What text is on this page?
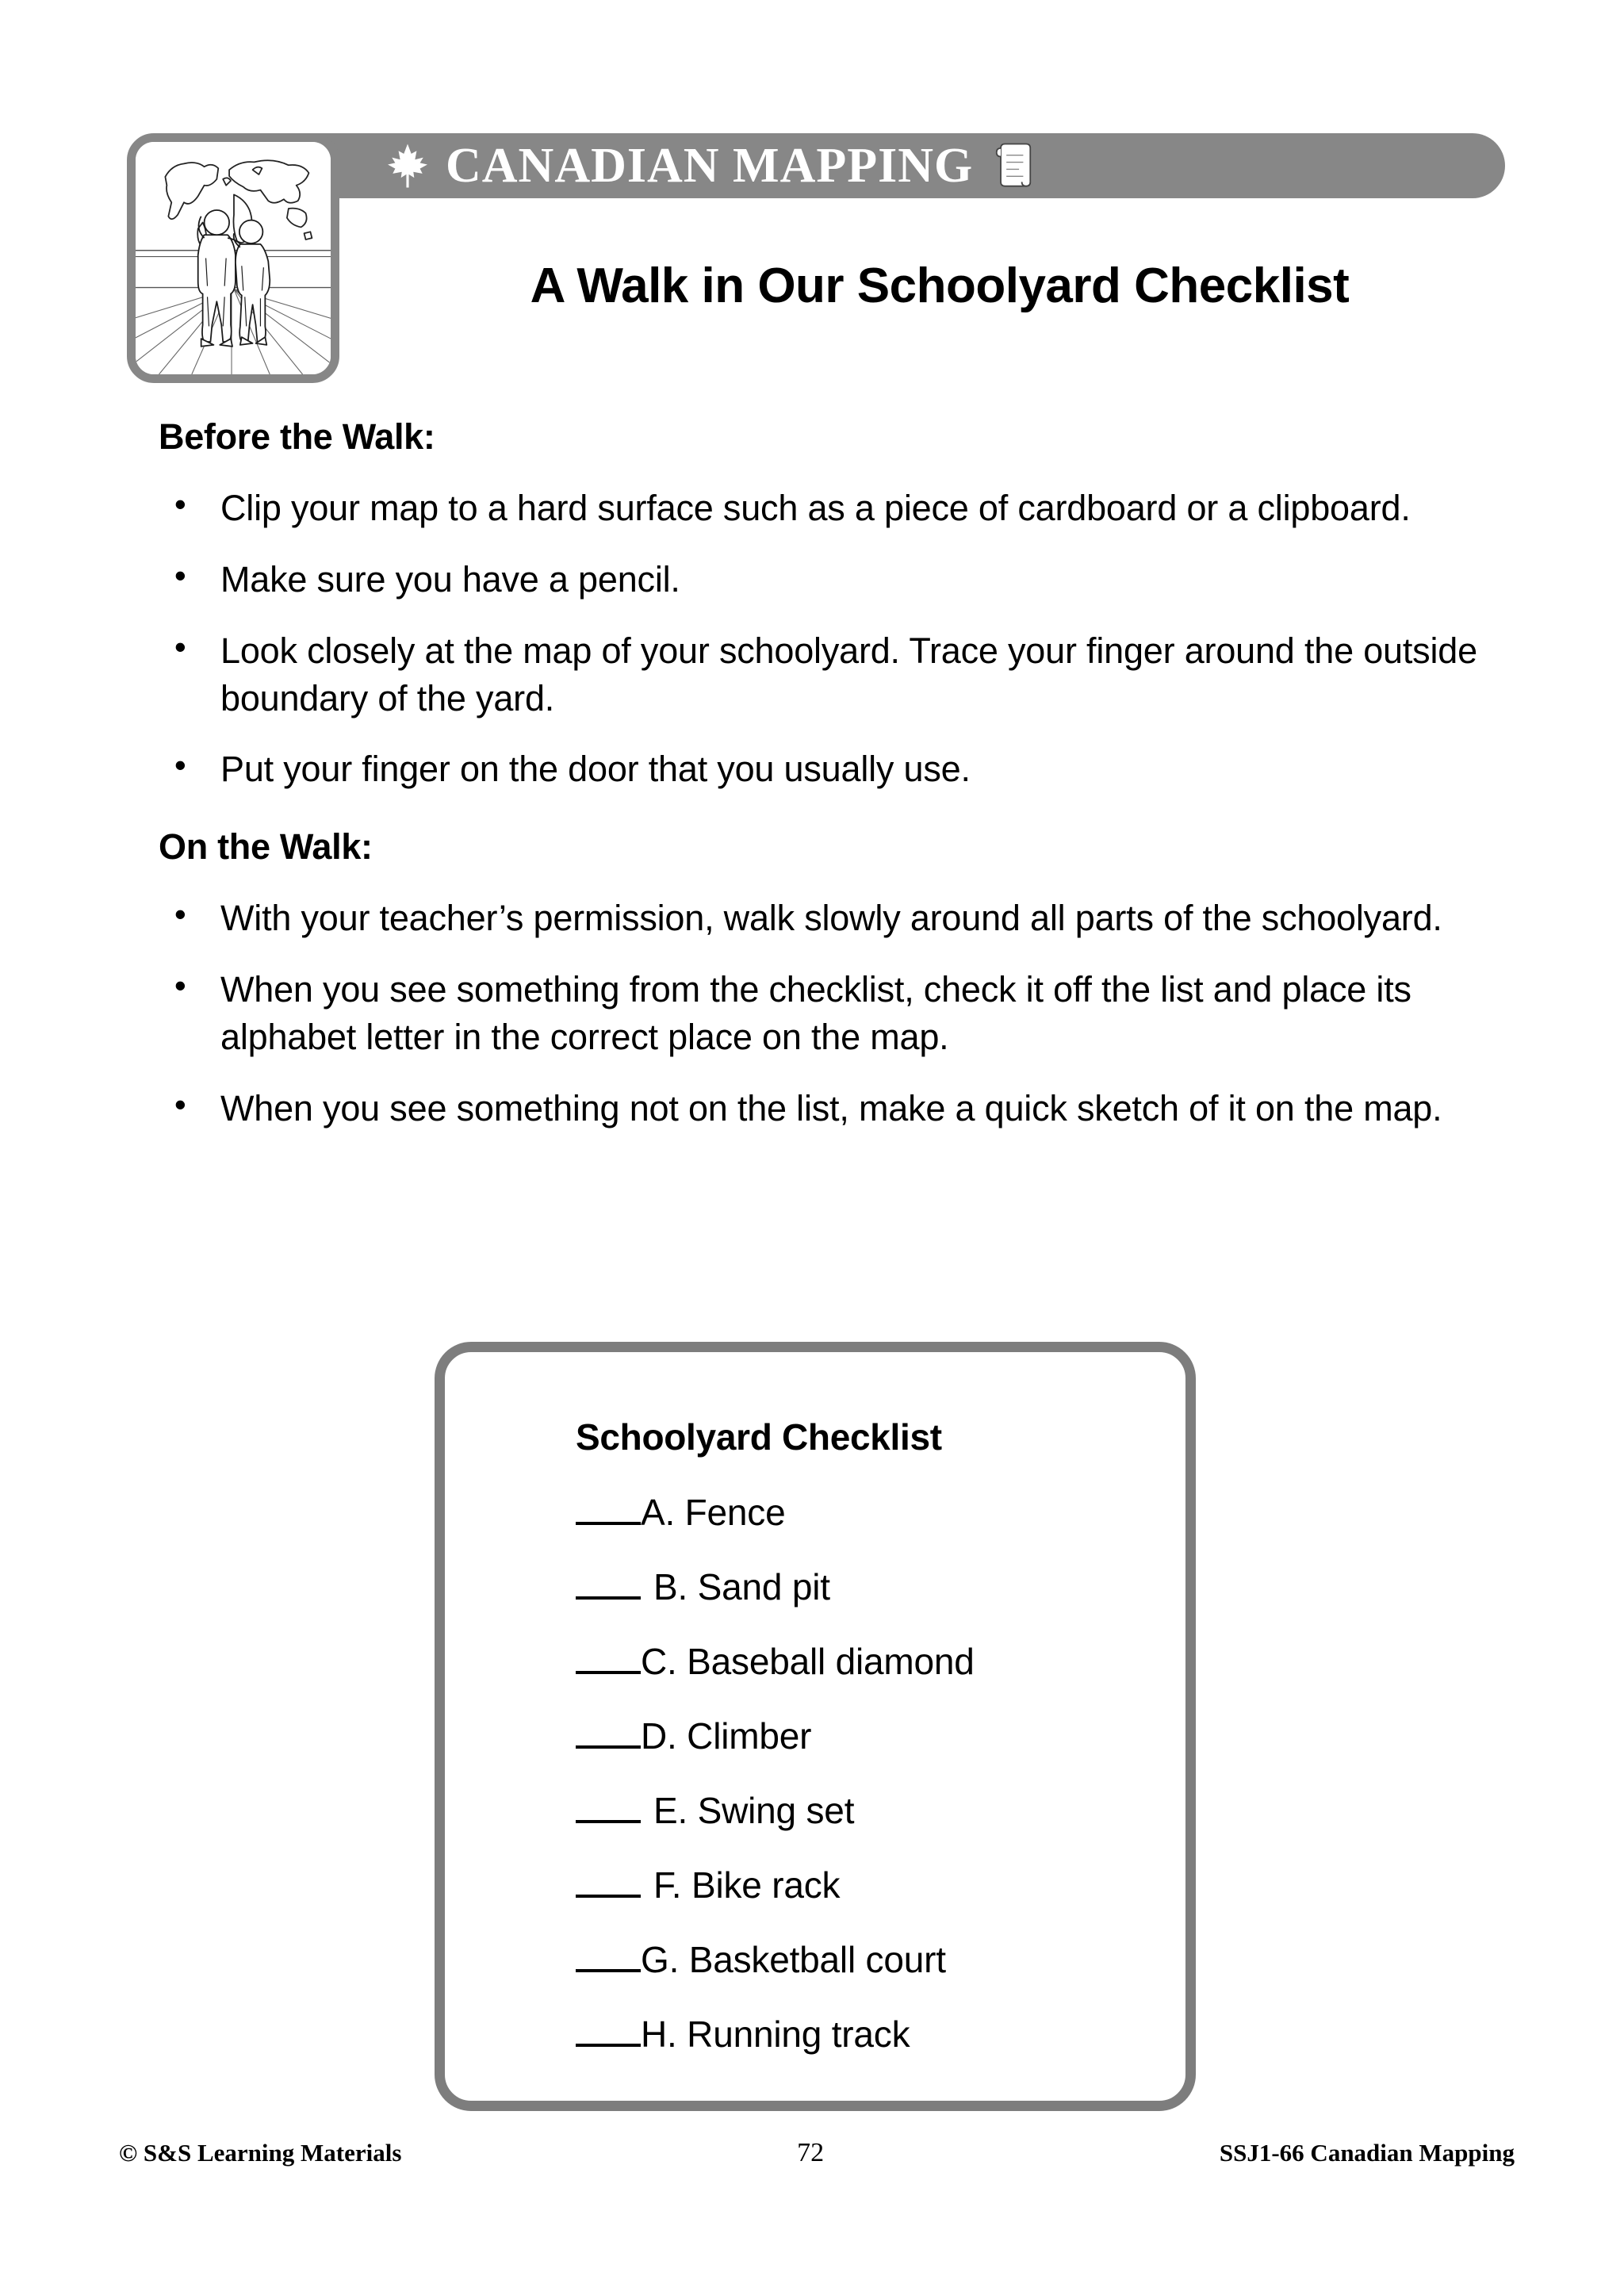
CANADIAN MAPPING
A Walk in Our Schoolyard Checklist
Before the Walk:
• Clip your map to a hard surface such as a piece of cardboard or a clipboard.
• Make sure you have a pencil.
• Look closely at the map of your schoolyard. Trace your finger around the outside boundary of the yard.
• Put your finger on the door that you usually use.
On the Walk:
• With your teacher’s permission, walk slowly around all parts of the schoolyard.
• When you see something from the checklist, check it off the list and place its alphabet letter in the correct place on the map.
• When you see something not on the list, make a quick sketch of it on the map.
Schoolyard Checklist
A. Fence
B. Sand pit
C. Baseball diamond
D. Climber
E. Swing set
F. Bike rack
G. Basketball court
H. Running track
© S&S Learning Materials	72	SSJ1-66 Canadian Mapping
